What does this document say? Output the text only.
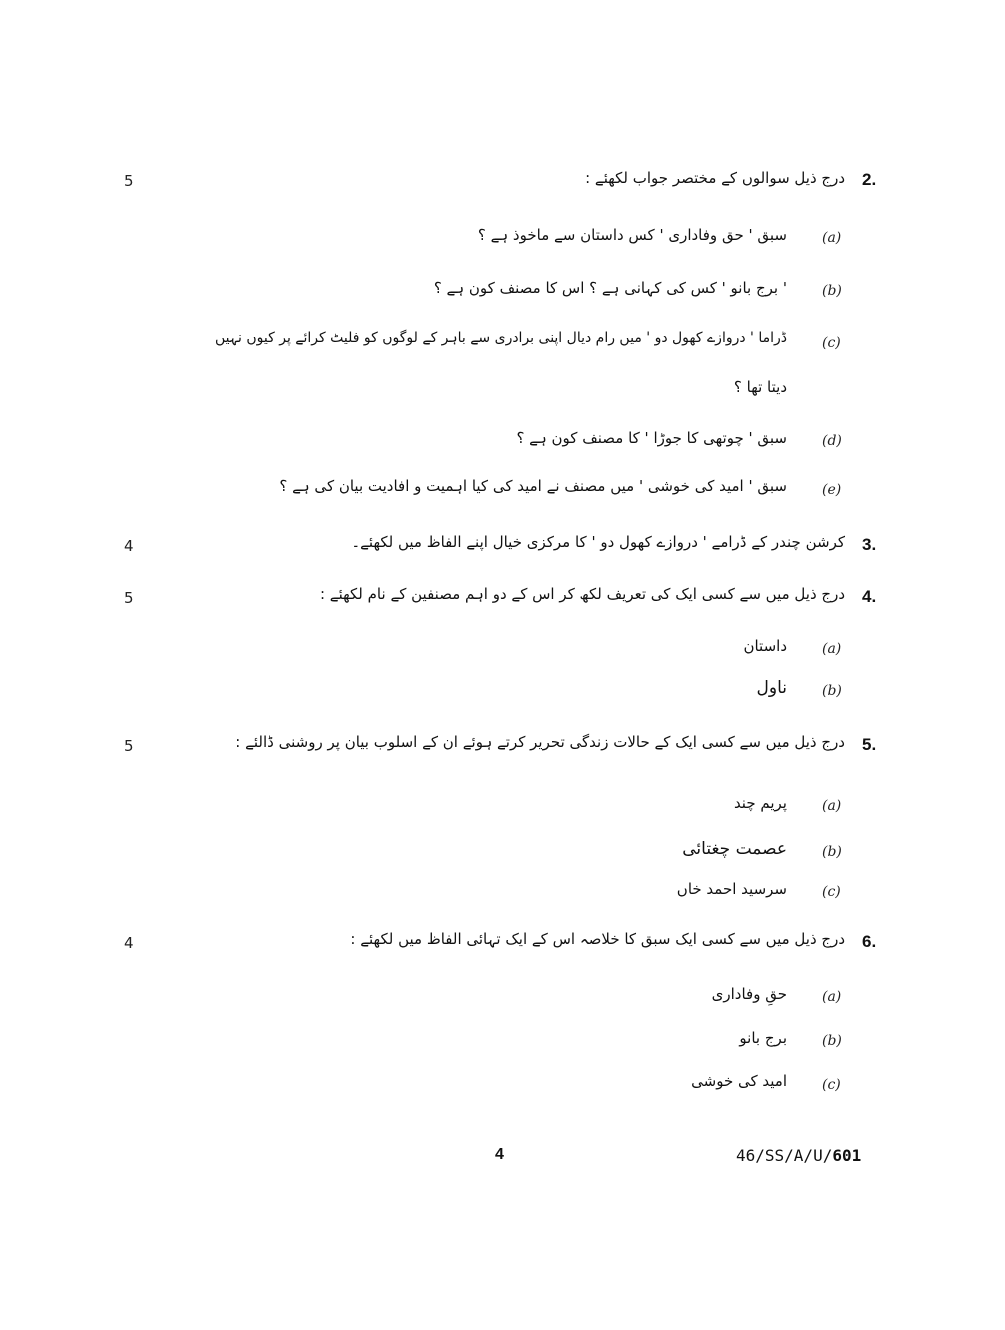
5	2.
درج ذیل سوالوں کے مختصر جواب لکھئے :
(a)
سبق ' حق وفاداری ' کس داستان سے ماخوذ ہے ؟
(b)
' برج بانو ' کس کی کہانی ہے ؟ اس کا مصنف کون ہے ؟
(c)
ڈراما ' دروازے کھول دو ' میں رام دیال اپنی برادری سے باہر کے لوگوں کو فلیٹ کرائے پر کیوں نہیں
دیتا تھا ؟
(d)
سبق ' چوتھی کا جوڑا ' کا مصنف کون ہے ؟
(e)
سبق ' امید کی خوشی ' میں مصنف نے امید کی کیا اہمیت و افادیت بیان کی ہے ؟
4	3.
کرشن چندر کے ڈرامے ' دروازے کھول دو ' کا مرکزی خیال اپنے الفاظ میں لکھئے۔
5	4.
درج ذیل میں سے کسی ایک کی تعریف لکھ کر اس کے دو اہم مصنفین کے نام لکھئے :
(a)
داستان
(b)
ناول
5	5.
درج ذیل میں سے کسی ایک کے حالات زندگی تحریر کرتے ہوئے ان کے اسلوب بیان پر روشنی ڈالئے :
(a)
پریم چند
(b)
عصمت چغتائی
(c)
سرسید احمد خاں
4	6.
درج ذیل میں سے کسی ایک سبق کا خلاصہ اس کے ایک تہائی الفاظ میں لکھئے :
(a)
حقِ وفاداری
(b)
برج بانو
(c)
امید کی خوشی
4	46/SS/A/U/601
